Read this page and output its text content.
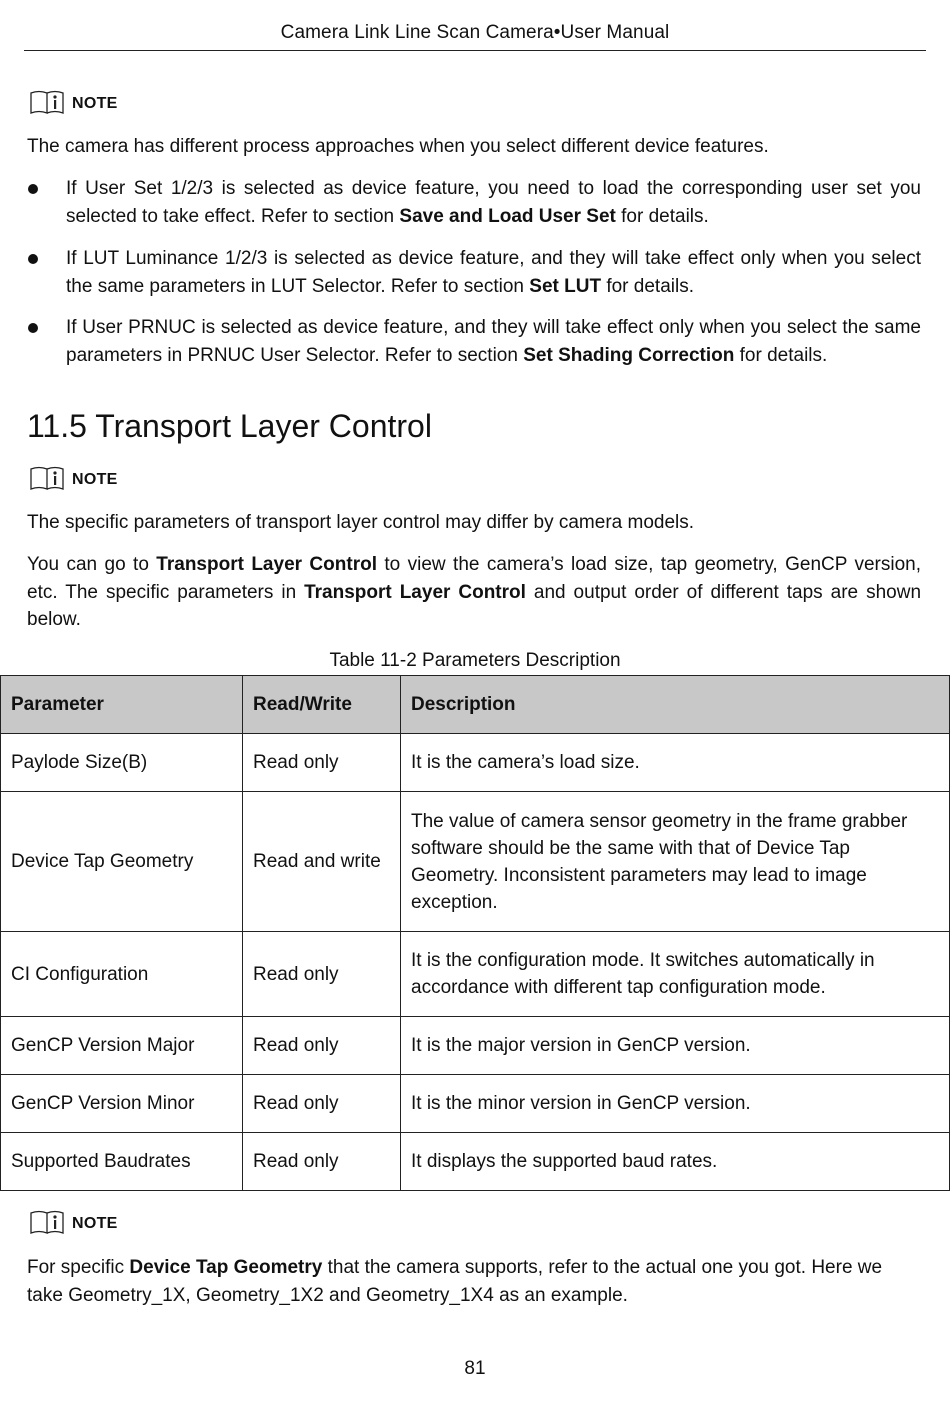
Camera Link Line Scan Camera•User Manual
NOTE
The camera has different process approaches when you select different device features.
If User Set 1/2/3 is selected as device feature, you need to load the corresponding user set you selected to take effect. Refer to section Save and Load User Set for details.
If LUT Luminance 1/2/3 is selected as device feature, and they will take effect only when you select the same parameters in LUT Selector. Refer to section Set LUT for details.
If User PRNUC is selected as device feature, and they will take effect only when you select the same parameters in PRNUC User Selector. Refer to section Set Shading Correction for details.
11.5 Transport Layer Control
NOTE
The specific parameters of transport layer control may differ by camera models.
You can go to Transport Layer Control to view the camera’s load size, tap geometry, GenCP version, etc. The specific parameters in Transport Layer Control and output order of different taps are shown below.
Table 11-2 Parameters Description
Parameter	Read/Write	Description
Paylode Size(B)	Read only	It is the camera’s load size.
Device Tap Geometry	Read and write	The value of camera sensor geometry in the frame grabber software should be the same with that of Device Tap Geometry. Inconsistent parameters may lead to image exception.
CI Configuration	Read only	It is the configuration mode. It switches automatically in accordance with different tap configuration mode.
GenCP Version Major	Read only	It is the major version in GenCP version.
GenCP Version Minor	Read only	It is the minor version in GenCP version.
Supported Baudrates	Read only	It displays the supported baud rates.
NOTE
For specific Device Tap Geometry that the camera supports, refer to the actual one you got. Here we take Geometry_1X, Geometry_1X2 and Geometry_1X4 as an example.
81
